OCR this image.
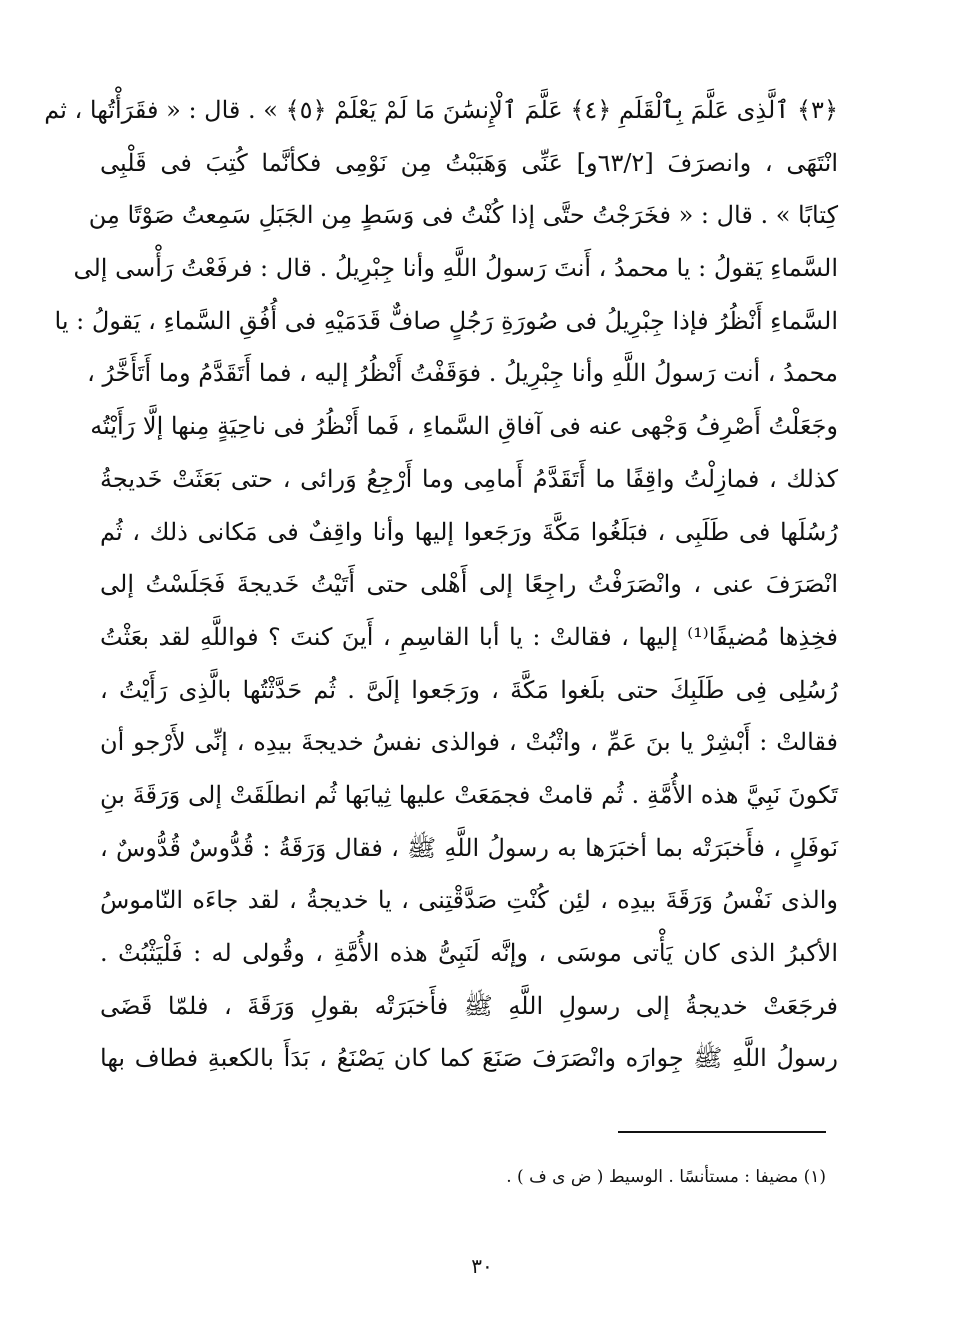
﴿٣﴾ ٱلَّذِى عَلَّمَ بِٱلْقَلَمِ ﴿٤﴾ عَلَّمَ ٱلْإِنسَٰنَ مَا لَمْ يَعْلَمْ ﴿٥﴾ » . قال : « فقَرَأْتُها ، ثم
انْتَهَى ، وانصرَفَ [٦٣/٢و] عَنِّى وَهَبَبْتُ مِن نَوْمِى فكأنَّما كُتِبَ فى قَلْبِى
كِتابًا » . قال : « فخَرَجْتُ حتَّى إذا كُنْتُ فى وَسَطٍ مِن الجَبَلِ سَمِعتُ صَوْتًا مِن
السَّماءِ يَقولُ : يا محمدُ ، أَنتَ رَسولُ اللَّهِ وأنا جِبْرِيلُ . قال : فرفَعْتُ رَأْسى إلى
السَّماءِ أَنْظُرُ فإذا جِبْرِيلُ فى صُورَةِ رَجُلٍ صافٌّ قَدَمَيْهِ فى أُفُقِ السَّماءِ ، يَقولُ : يا
محمدُ ، أنت رَسولُ اللَّهِ وأنا جِبْرِيلُ . فوَقَفْتُ أَنْظُرُ إليه ، فما أَتَقَدَّمُ وما أَتَأَخَّرُ ،
وجَعَلْتُ أَصْرِفُ وَجْهى عنه فى آفاقِ السَّماءِ ، فَما أَنْظُرُ فى ناحِيَةٍ مِنها إلَّا رَأَيْتُه
كذلك ، فمازِلْتُ واقِفًا ما أَتَقَدَّمُ أَمامِى وما أَرْجِعُ وَرائى ، حتى بَعَثَتْ خَديجةُ
رُسُلَها فى طَلَبِى ، فبَلَغُوا مَكَّةَ ورَجَعوا إليها وأنا واقِفٌ فى مَكانى ذلك ، ثُم
انْصَرَفَ عنى ، وانْصَرَفْتُ راجِعًا إلى أَهْلى حتى أَتَيْتُ خَديجةَ فَجَلَسْتُ إلى
فخِذِها مُضيفًا⁽¹⁾ إليها ، فقالتْ : يا أبا القاسِمِ ، أَينَ كنتَ ؟ فواللَّهِ لقد بعَثْتُ
رُسُلِى فِى طَلَبِكَ حتى بلَغوا مَكَّةَ ، ورَجَعوا إلَىَّ . ثُم حَدَّثْتُها بالَّذِى رَأَيْتُ ،
فقالتْ : أَبْشِرْ يا بنَ عَمِّ ، واثْبُتْ ، فوالذى نفسُ خديجةَ بيدِه ، إنِّى لأَرْجو أن
تَكونَ نَبِيَّ هذه الأُمَّةِ . ثُم قامتْ فجمَعَتْ عليها ثِيابَها ثُم انطلَقَتْ إلى وَرَقَةَ بنِ
نَوفَلٍ ، فأَخبَرَتْه بما أخبَرَها به رسولُ اللَّهِ ﷺ ، فقال وَرَقَةُ : قُدُّوسٌ قُدُّوسٌ ،
والذى نَفْسُ وَرَقَةَ بيدِه ، لئِن كُنْتِ صَدَّقْتِنى ، يا خديجةُ ، لقد جاءَه النّاموسُ
الأكبرُ الذى كان يَأْتى موسَى ، وإنَّه لَنَبِىُّ هذه الأُمَّةِ ، وقُولى له : فَلْيَثْبُتْ .
فرجَعَتْ خديجةُ إلى رسولِ اللَّهِ ﷺ فأَخبَرَتْه بقولِ وَرَقَةَ ، فلمّا قَضَى
رسولُ اللَّهِ ﷺ جِوارَه وانْصَرَفَ صَنَعَ كما كان يَصْنَعُ ، بَدَأَ بالكعبةِ فطاف بها
(١) مضيفا : مستأنسًا . الوسيط ( ض ى ف ) .
٣٠
